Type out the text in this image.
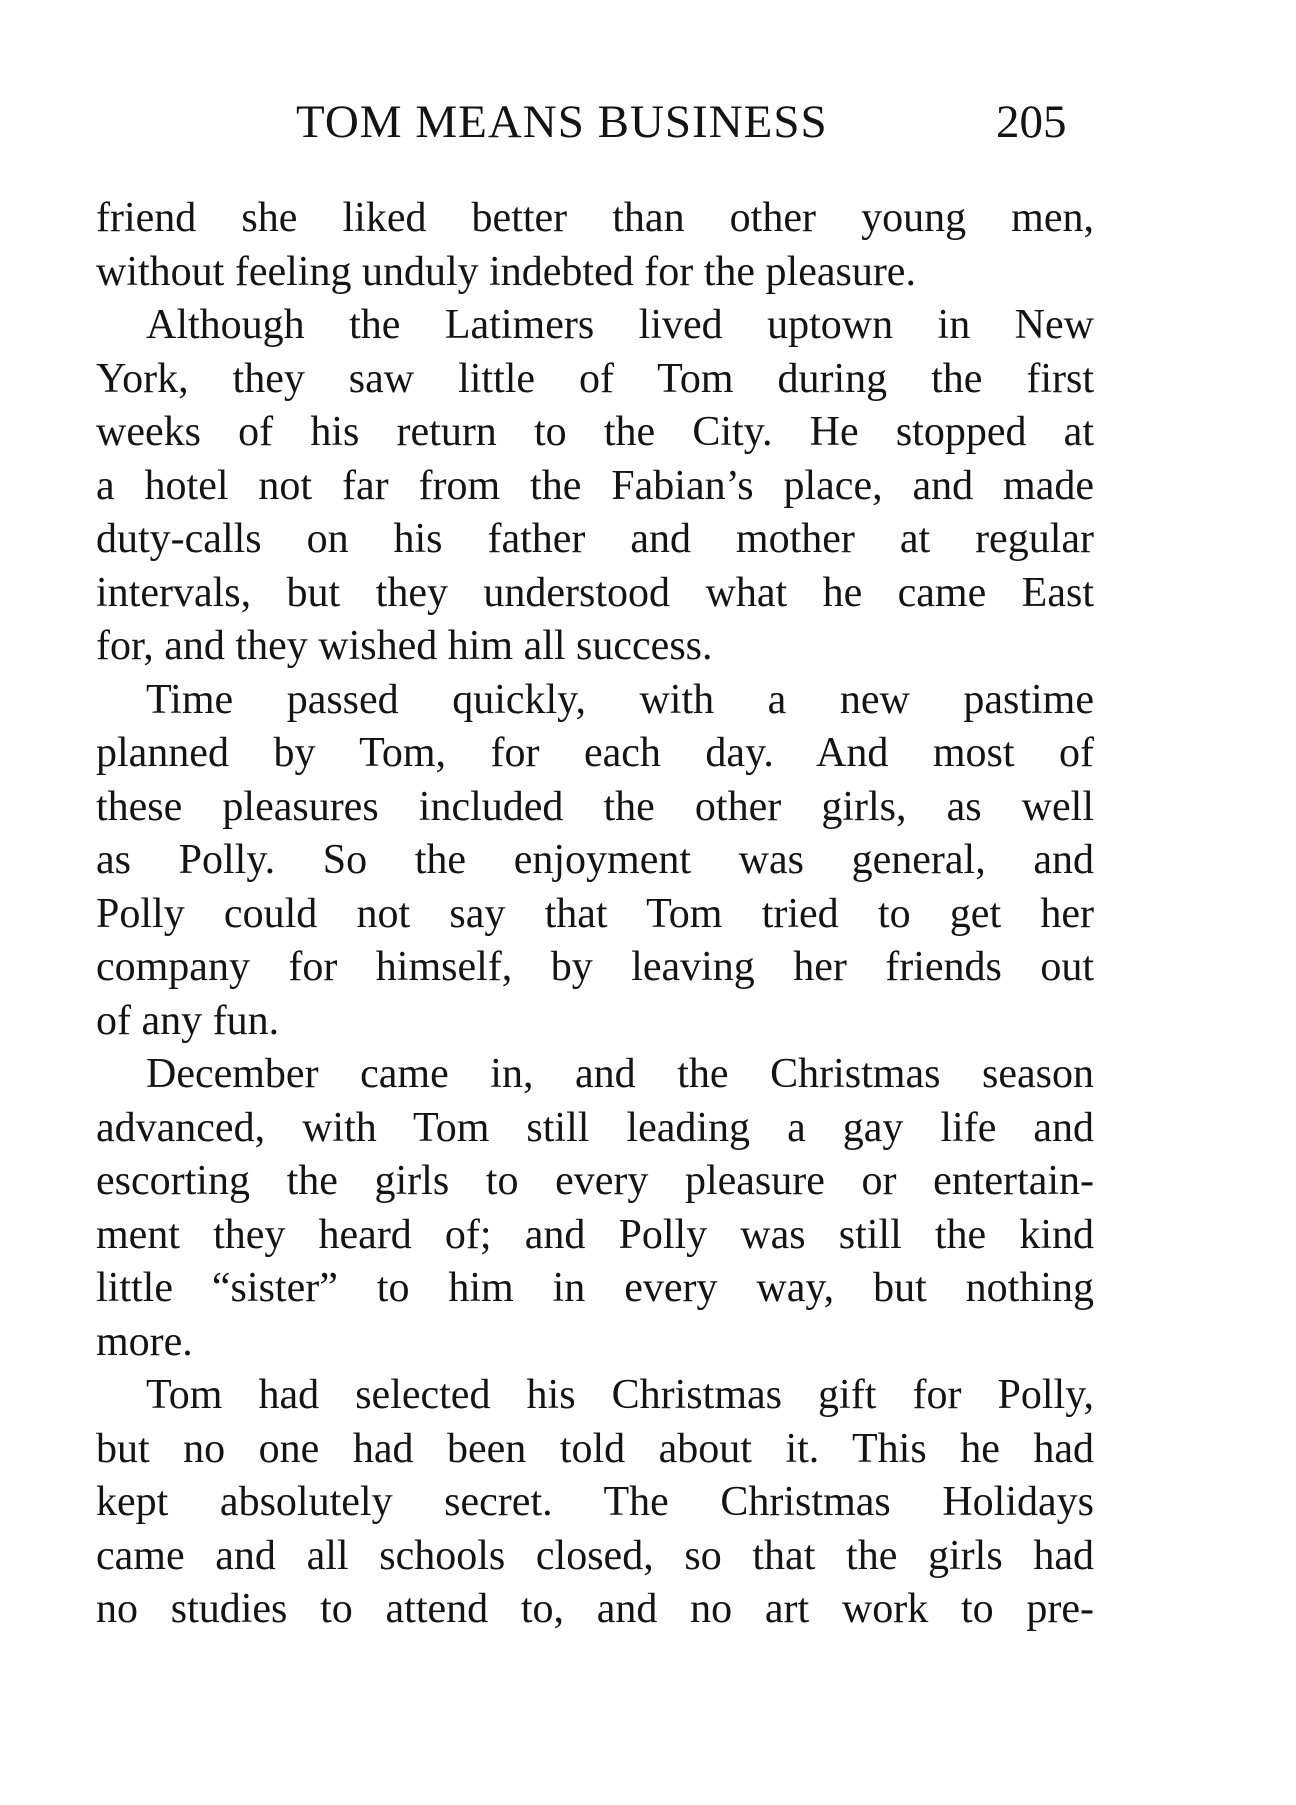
TOM MEANS BUSINESS	205
friend she liked better than other young men,
without feeling unduly indebted for the pleasure.
Although the Latimers lived uptown in New
York, they saw little of Tom during the first
weeks of his return to the City. He stopped at
a hotel not far from the Fabian’s place, and made
duty-calls on his father and mother at regular
intervals, but they understood what he came East
for, and they wished him all success.
Time passed quickly, with a new pastime
planned by Tom, for each day. And most of
these pleasures included the other girls, as well
as Polly. So the enjoyment was general, and
Polly could not say that Tom tried to get her
company for himself, by leaving her friends out
of any fun.
December came in, and the Christmas season
advanced, with Tom still leading a gay life and
escorting the girls to every pleasure or entertain-
ment they heard of; and Polly was still the kind
little “sister” to him in every way, but nothing
more.
Tom had selected his Christmas gift for Polly,
but no one had been told about it. This he had
kept absolutely secret. The Christmas Holidays
came and all schools closed, so that the girls had
no studies to attend to, and no art work to pre-
